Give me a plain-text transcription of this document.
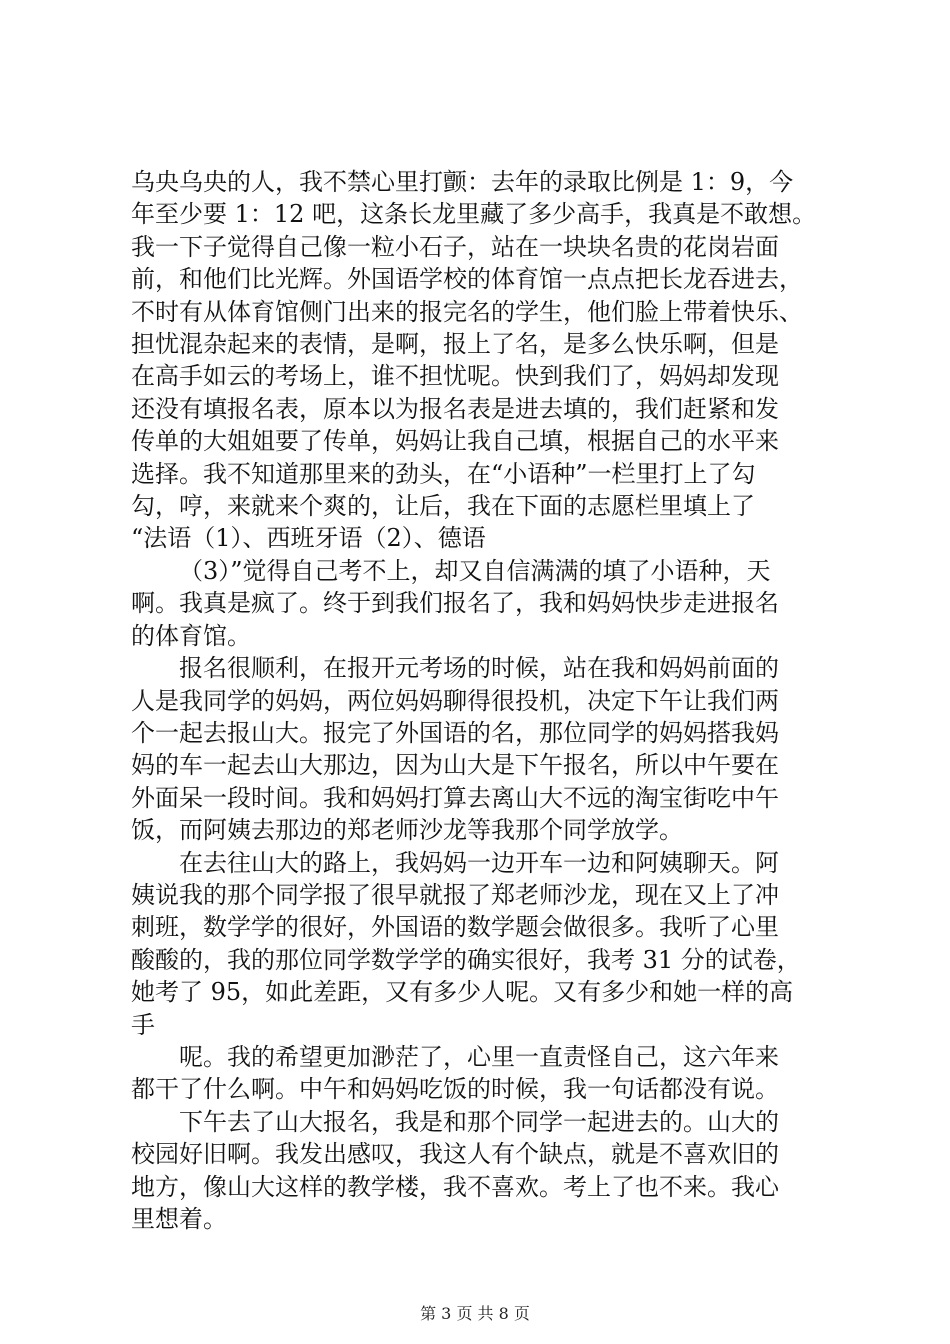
乌央乌央的人，我不禁心里打颤：去年的录取比例是 1：9，今
年至少要 1：12 吧，这条长龙里藏了多少高手，我真是不敢想。
我一下子觉得自己像一粒小石子，站在一块块名贵的花岗岩面
前，和他们比光辉。外国语学校的体育馆一点点把长龙吞进去，
不时有从体育馆侧门出来的报完名的学生，他们脸上带着快乐、
担忧混杂起来的表情，是啊，报上了名，是多么快乐啊，但是
在高手如云的考场上，谁不担忧呢。快到我们了，妈妈却发现
还没有填报名表，原本以为报名表是进去填的，我们赶紧和发
传单的大姐姐要了传单，妈妈让我自己填，根据自己的水平来
选择。我不知道那里来的劲头，在“小语种”一栏里打上了勾
勾，哼，来就来个爽的，让后，我在下面的志愿栏里填上了
“法语（1）、西班牙语（2）、德语
（3）”觉得自己考不上，却又自信满满的填了小语种，天
啊。我真是疯了。终于到我们报名了，我和妈妈快步走进报名
的体育馆。
报名很顺利，在报开元考场的时候，站在我和妈妈前面的
人是我同学的妈妈，两位妈妈聊得很投机，决定下午让我们两
个一起去报山大。报完了外国语的名，那位同学的妈妈搭我妈
妈的车一起去山大那边，因为山大是下午报名，所以中午要在
外面呆一段时间。我和妈妈打算去离山大不远的淘宝街吃中午
饭，而阿姨去那边的郑老师沙龙等我那个同学放学。
在去往山大的路上，我妈妈一边开车一边和阿姨聊天。阿
姨说我的那个同学报了很早就报了郑老师沙龙，现在又上了冲
刺班，数学学的很好，外国语的数学题会做很多。我听了心里
酸酸的，我的那位同学数学学的确实很好，我考 31 分的试卷，
她考了 95，如此差距，又有多少人呢。又有多少和她一样的高
手
呢。我的希望更加渺茫了，心里一直责怪自己，这六年来
都干了什么啊。中午和妈妈吃饭的时候，我一句话都没有说。
下午去了山大报名，我是和那个同学一起进去的。山大的
校园好旧啊。我发出感叹，我这人有个缺点，就是不喜欢旧的
地方，像山大这样的教学楼，我不喜欢。考上了也不来。我心
里想着。
第 3 页 共 8 页
